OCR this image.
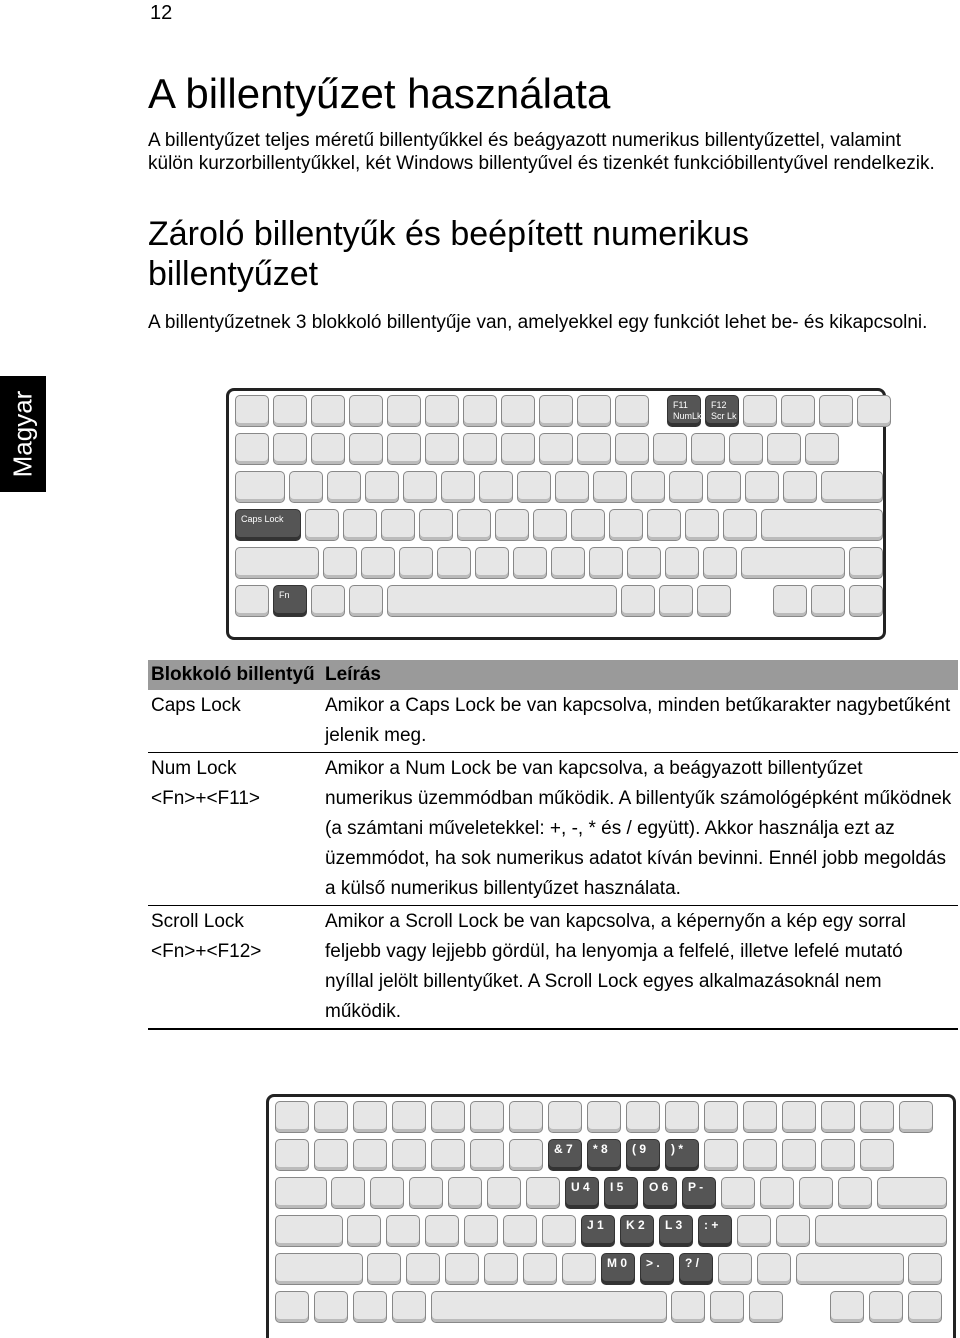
12
Magyar
A billentyűzet használata

A billentyűzet teljes méretű billentyűkkel és beágyazott numerikus billentyűzettel, valamint külön kurzorbillentyűkkel, két Windows billentyűvel és tizenkét funkcióbillentyűvel rendelkezik.

Zároló billentyűk és beépített numerikus billentyűzet

A billentyűzetnek 3 blokkoló billentyűje van, amelyekkel egy funkciót lehet be- és kikapcsolni.

F11
NumLk
F12
Scr Lk
Caps Lock
Fn
Blokkoló billentyű	Leírás

Caps Lock	Amikor a Caps Lock be van kapcsolva, minden betűkarakter nagybetűként jelenik meg.

Num Lock
<Fn>+<F11>	Amikor a Num Lock be van kapcsolva, a beágyazott billentyűzet numerikus üzemmódban működik. A billentyűk számológépként működnek (a számtani műveletekkel: +, -, * és / együtt). Akkor használja ezt az üzemmódot, ha sok numerikus adatot kíván bevinni. Ennél jobb megoldás a külső numerikus billentyűzet használata.

Scroll Lock
<Fn>+<F12>	Amikor a Scroll Lock be van kapcsolva, a képernyőn a kép egy sorral feljebb vagy lejjebb gördül, ha lenyomja a felfelé, illetve lefelé mutató nyíllal jelölt billentyűket. A Scroll Lock egyes alkalmazásoknál nem működik.
& 7 * 8 ( 9 ) *
U 4 I 5 O 6 P -
J 1 K 2 L 3 : +
M 0 > . ? /
